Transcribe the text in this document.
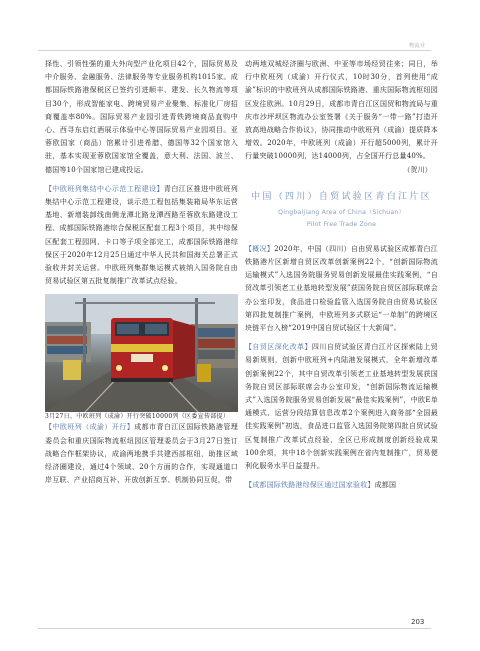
物流业

择性、引领性强的重大外向型产业化项目42个，国际贸易及中介服务、金融服务、法律服务等专业服务机构1015家。成都国际铁路港保税区已签约引进顺丰、建发、长久物流等项目30个，形成智能家电、跨境贸易产业聚集，标准化厂房招商覆盖率80%。国际贸易产业园引进青铁跨境商品直购中心、西寻东启红酒展示体验中心等国际贸易产业园项目。亚蓉欧国家（商品）馆累计引进希腊、德国等32个国家馆入驻，基本实现亚蓉欧国家馆全覆盖，意大利、法国、波兰、德国等10个国家馆已建成投运。

【中欧班列集结中心示范工程建设】青白江区推进中欧班列集结中心示范工程建设，谈示范工程包括集装箱局华东运营基地、新增装卸线南侧龙潭北路龙潭西路至蓉欧东路建设工程、成都国际铁路港综合保税区配套工程3个项目，其中综保区配套工程园网、卡口等子项全部完工，成都国际铁路港综保区于2020年12月25日通过中华人民共和国海关总署正式验收并封关运营。中欧班列集群集运模式被纳入国务院自由贸易试验区第五批复制推广改革试点经验。

3月27日，中欧班列（成渝）开行突破10000列（区委宣传部提）

【中欧班列（成渝）开行】成都市青白江区国际铁路港管理委员会和重庆国际物流枢纽园区管理委员会于3月27日签订战略合作框架协议，成渝两地携手共建西部枢纽，助推区域经济圈建设，通过4个领域、20个方面的合作，实现通道口岸互联、产业招商互补、开放创新互享、机制协同互促，带

动两地双城经济圈与欧洲、中亚等市场经贸往来；同日，举行中欧班列（成渝）开行仪式，10时30分，首列使用“成渝”标识的中欧班列从成都国际铁路港、重庆国际物流枢纽园区发往欧洲。10月29日，成都市青白江区国贸和物流局与重庆市沙坪坝区物流办公室签署《关于服务“一带一路”打造开放高地战略合作协议》，协同推动中欧班列（成渝）提质降本增效。2020年，中欧班列（成渝）开行超5000列，累计开行量突破10000列，达14000列，占全国开行总量40%。

（贺川）

中国（四川）自贸试验区青白江片区

Qingbaijiang Area of China（Sichuan）

Pilot Free Trade Zone

【概况】2020年，中国（四川）自由贸易试验区成都青白江铁路港片区新增自贸区改革创新案例22个，“创新国际物流运输模式”入选国务院服务贸易创新发展最佳实践案例，“自贸改革引领老工业基地转型发展”获国务院自贸区部际联席会办公室印发，食品进口检验监管入选国务院自由贸易试验区第四批复制推广案例，中欧班列多式联运“一单制”的跨境区块链平台入榜“2019中国自贸试验区十大新闻”。

【自贸区深化改革】四川自贸试验区青白江片区探索陆上贸易新规则，创新中欧班列+内陆港发展模式，全年新增改革创新案例22个，其中自贸改革引领老工业基地转型发展获国务院自贸区部际联席会办公室印发，“创新国际物流运输模式”入选国务院服务贸易创新发展“最佳实践案例”，中欧E单通模式、运营分段结算信息改革2个案例进入商务部“全国最佳实践案例”初选，食品进口监管入选国务院第四批自贸试验区复制推广改革试点经验，全区已形成制度创新经验成果100余项，其中18个创新实践案例在省内复制推广，贸易便利化服务水平日益提升。

【成都国际铁路港综保区通过国家验收】成都国

203
